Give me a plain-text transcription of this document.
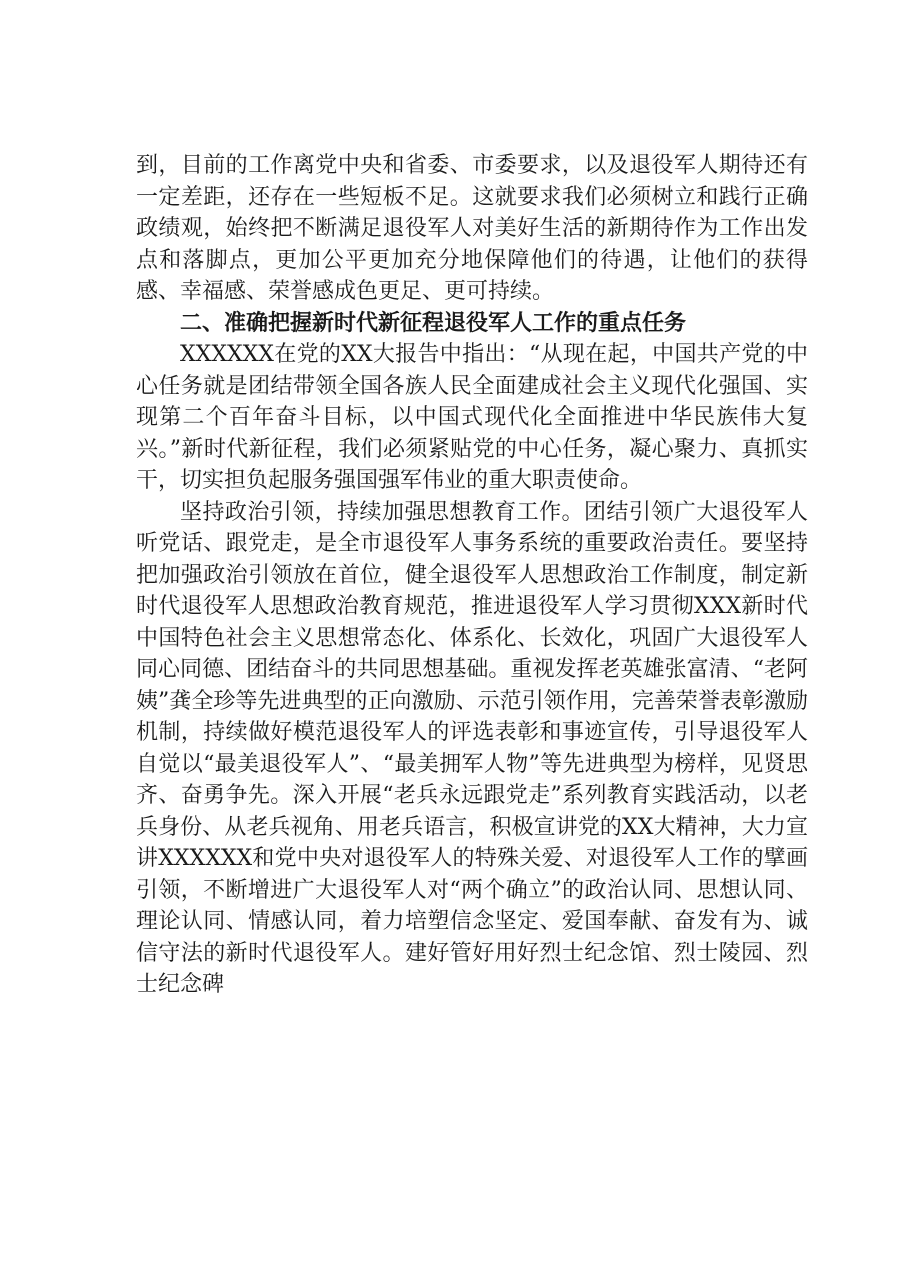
到，目前的工作离党中央和省委、市委要求，以及退役军人期待还有一定差距，还存在一些短板不足。这就要求我们必须树立和践行正确政绩观，始终把不断满足退役军人对美好生活的新期待作为工作出发点和落脚点，更加公平更加充分地保障他们的待遇，让他们的获得感、幸福感、荣誉感成色更足、更可持续。

二、准确把握新时代新征程退役军人工作的重点任务

XXXXXX在党的XX大报告中指出：“从现在起，中国共产党的中心任务就是团结带领全国各族人民全面建成社会主义现代化强国、实现第二个百年奋斗目标，以中国式现代化全面推进中华民族伟大复兴。”新时代新征程，我们必须紧贴党的中心任务，凝心聚力、真抓实干，切实担负起服务强国强军伟业的重大职责使命。

坚持政治引领，持续加强思想教育工作。团结引领广大退役军人听党话、跟党走，是全市退役军人事务系统的重要政治责任。要坚持把加强政治引领放在首位，健全退役军人思想政治工作制度，制定新时代退役军人思想政治教育规范，推进退役军人学习贯彻XXX新时代中国特色社会主义思想常态化、体系化、长效化，巩固广大退役军人同心同德、团结奋斗的共同思想基础。重视发挥老英雄张富清、“老阿姨”龚全珍等先进典型的正向激励、示范引领作用，完善荣誉表彰激励机制，持续做好模范退役军人的评选表彰和事迹宣传，引导退役军人自觉以“最美退役军人”、“最美拥军人物”等先进典型为榜样，见贤思齐、奋勇争先。深入开展“老兵永远跟党走”系列教育实践活动，以老兵身份、从老兵视角、用老兵语言，积极宣讲党的XX大精神，大力宣讲XXXXXX和党中央对退役军人的特殊关爱、对退役军人工作的擘画引领，不断增进广大退役军人对“两个确立”的政治认同、思想认同、理论认同、情感认同，着力培塑信念坚定、爱国奉献、奋发有为、诚信守法的新时代退役军人。建好管好用好烈士纪念馆、烈士陵园、烈士纪念碑
